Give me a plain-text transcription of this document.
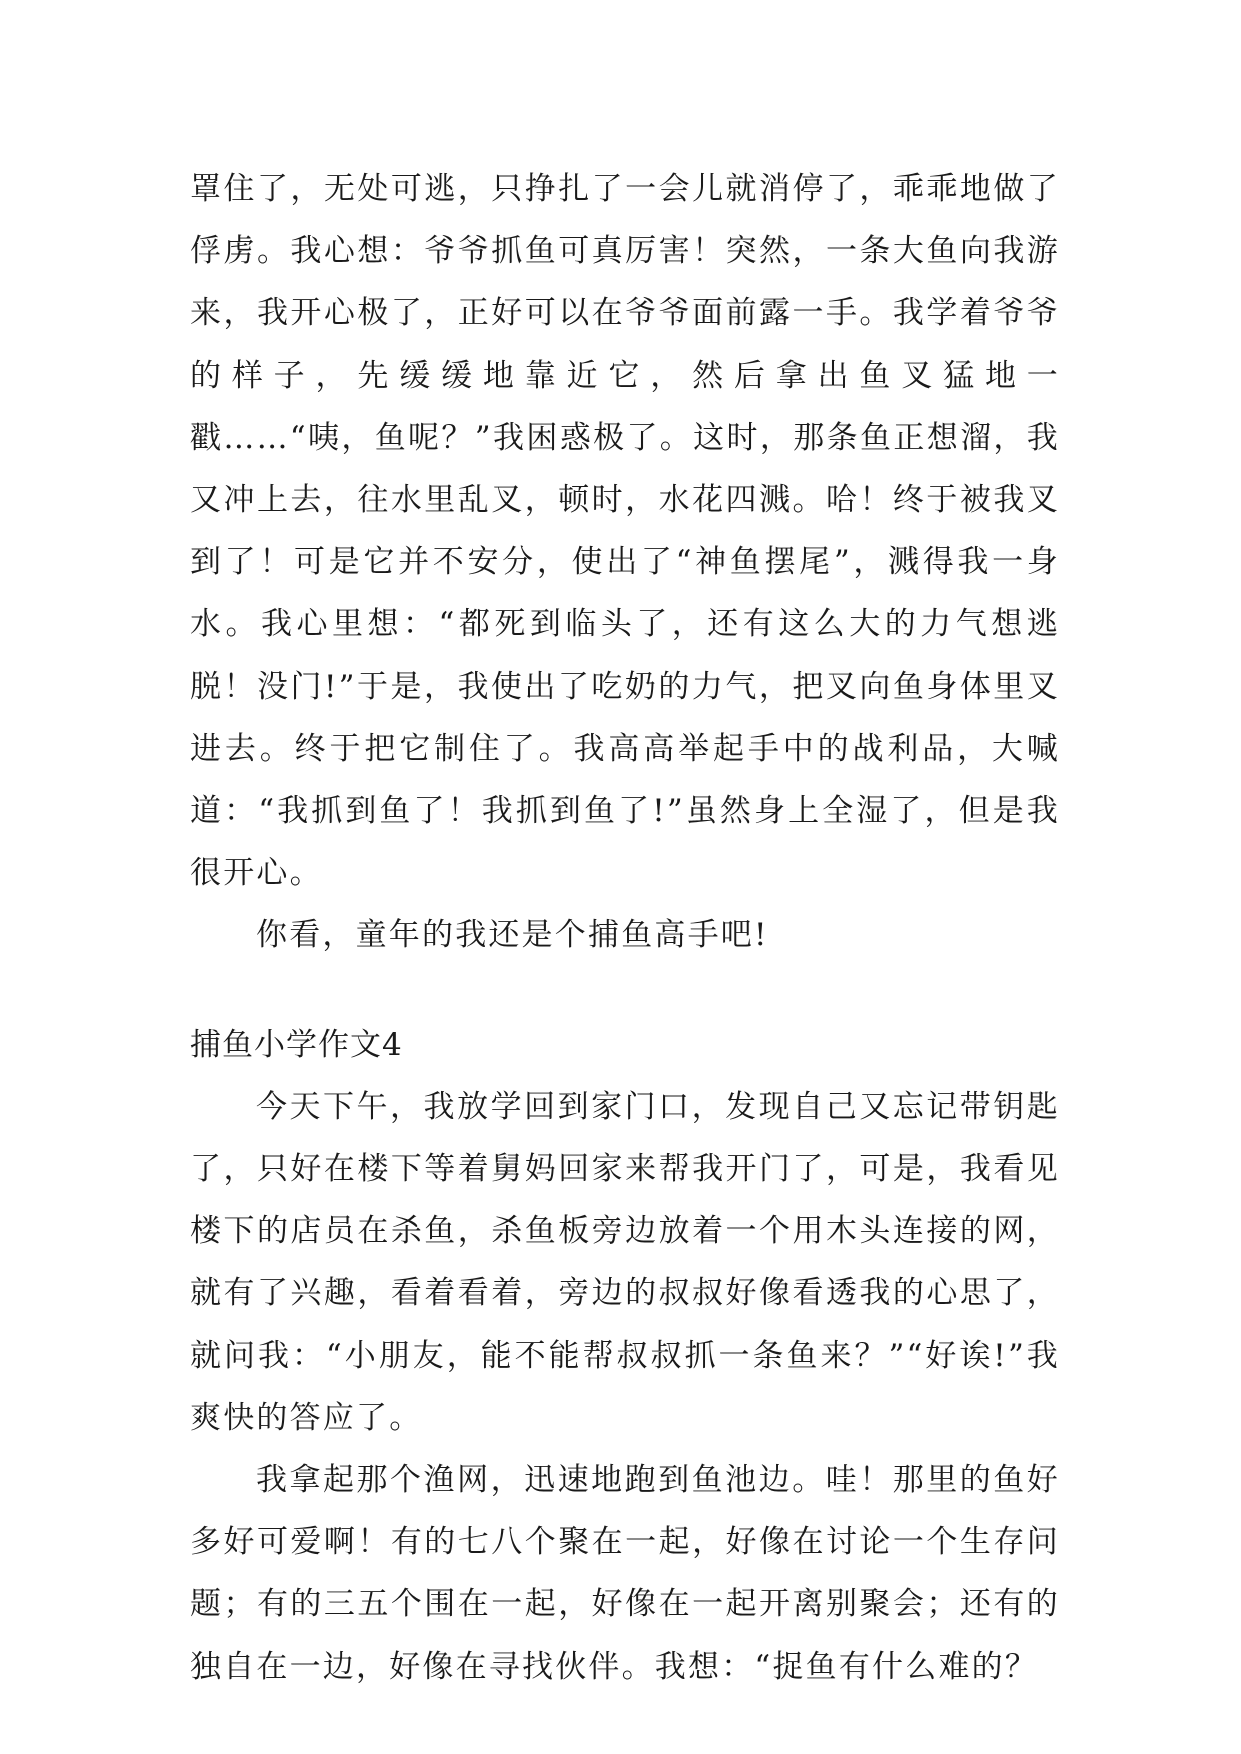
罩住了，无处可逃，只挣扎了一会儿就消停了，乖乖地做了俘虏。我心想：爷爷抓鱼可真厉害！突然，一条大鱼向我游来，我开心极了，正好可以在爷爷面前露一手。我学着爷爷的样子，先缓缓地靠近它，然后拿出鱼叉猛地一戳……“咦，鱼呢？”我困惑极了。这时，那条鱼正想溜，我又冲上去，往水里乱叉，顿时，水花四溅。哈！终于被我叉到了！可是它并不安分，使出了“神鱼摆尾”，溅得我一身水。我心里想：“都死到临头了，还有这么大的力气想逃脱！没门!”于是，我使出了吃奶的力气，把叉向鱼身体里叉进去。终于把它制住了。我高高举起手中的战利品，大喊道：“我抓到鱼了！我抓到鱼了!”虽然身上全湿了，但是我很开心。

你看，童年的我还是个捕鱼高手吧!

捕鱼小学作文4

今天下午，我放学回到家门口，发现自己又忘记带钥匙了，只好在楼下等着舅妈回家来帮我开门了，可是，我看见楼下的店员在杀鱼，杀鱼板旁边放着一个用木头连接的网，就有了兴趣，看着看着，旁边的叔叔好像看透我的心思了，就问我：“小朋友，能不能帮叔叔抓一条鱼来？”“好诶!”我爽快的答应了。

我拿起那个渔网，迅速地跑到鱼池边。哇！那里的鱼好多好可爱啊！有的七八个聚在一起，好像在讨论一个生存问题；有的三五个围在一起，好像在一起开离别聚会；还有的独自在一边，好像在寻找伙伴。我想：“捉鱼有什么难的？
